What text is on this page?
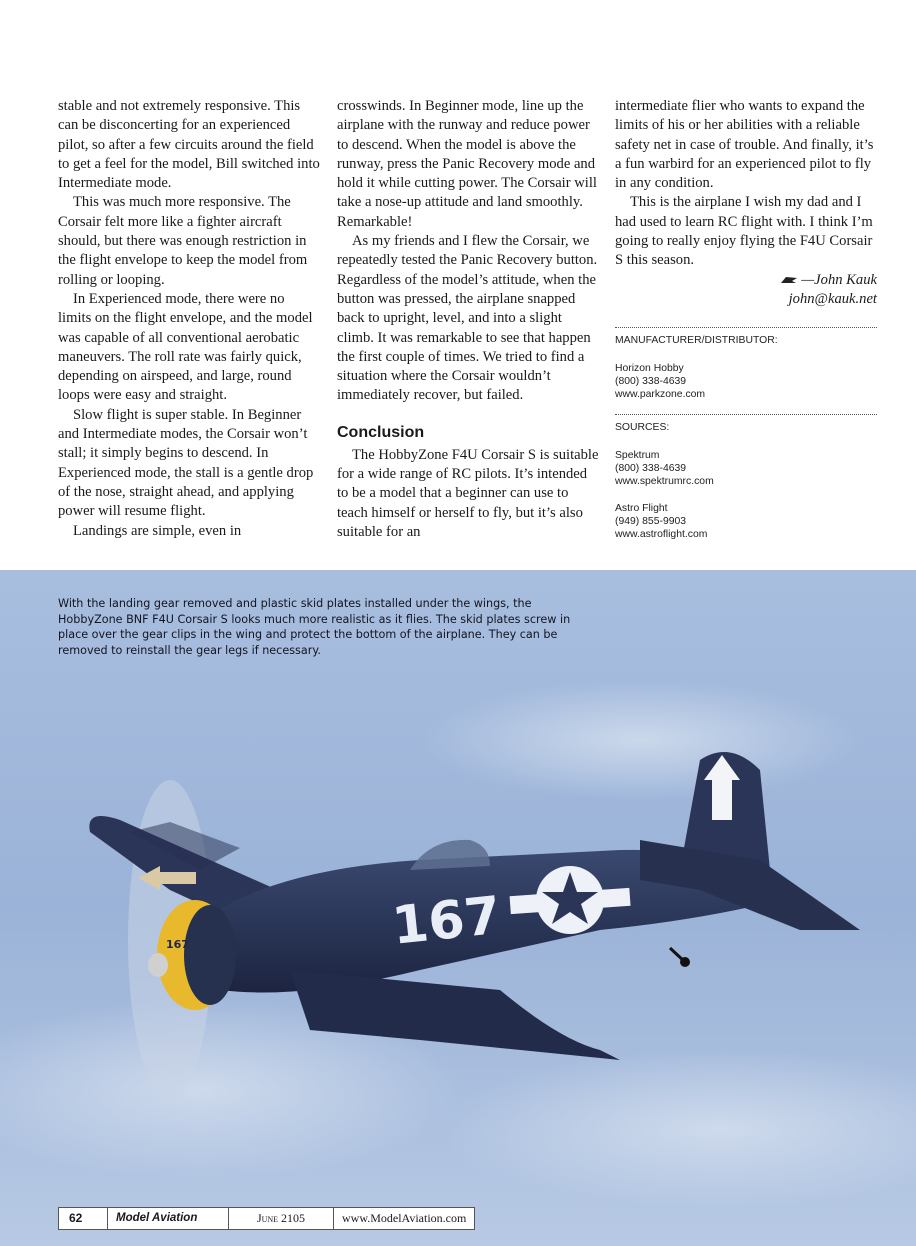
stable and not extremely responsive. This can be disconcerting for an experienced pilot, so after a few circuits around the field to get a feel for the model, Bill switched into Intermediate mode.

This was much more responsive. The Corsair felt more like a fighter aircraft should, but there was enough restriction in the flight envelope to keep the model from rolling or looping.

In Experienced mode, there were no limits on the flight envelope, and the model was capable of all conventional aerobatic maneuvers. The roll rate was fairly quick, depending on airspeed, and large, round loops were easy and straight.

Slow flight is super stable. In Beginner and Intermediate modes, the Corsair won’t stall; it simply begins to descend. In Experienced mode, the stall is a gentle drop of the nose, straight ahead, and applying power will resume flight.

Landings are simple, even in

crosswinds. In Beginner mode, line up the airplane with the runway and reduce power to descend. When the model is above the runway, press the Panic Recovery mode and hold it while cutting power. The Corsair will take a nose-up attitude and land smoothly. Remarkable!

As my friends and I flew the Corsair, we repeatedly tested the Panic Recovery button. Regardless of the model’s attitude, when the button was pressed, the airplane snapped back to upright, level, and into a slight climb. It was remarkable to see that happen the first couple of times. We tried to find a situation where the Corsair wouldn’t immediately recover, but failed.

Conclusion

The HobbyZone F4U Corsair S is suitable for a wide range of RC pilots. It’s intended to be a model that a beginner can use to teach himself or herself to fly, but it’s also suitable for an

intermediate flier who wants to expand the limits of his or her abilities with a reliable safety net in case of trouble. And finally, it’s a fun warbird for an experienced pilot to fly in any condition.

This is the airplane I wish my dad and I had used to learn RC flight with. I think I’m going to really enjoy flying the F4U Corsair S this season.

—John Kauk
john@kauk.net
MANUFACTURER/DISTRIBUTOR:
Horizon Hobby
(800) 338-4639
www.parkzone.com
SOURCES:
Spektrum
(800) 338-4639
www.spektrumrc.com
Astro Flight
(949) 855-9903
www.astroflight.com
167
167
With the landing gear removed and plastic skid plates installed under the wings, the HobbyZone BNF F4U Corsair S looks much more realistic as it flies. The skid plates screw in place over the gear clips in the wing and protect the bottom of the airplane. They can be removed to reinstall the gear legs if necessary.
62	Model Aviation	June 2105	www.ModelAviation.com
